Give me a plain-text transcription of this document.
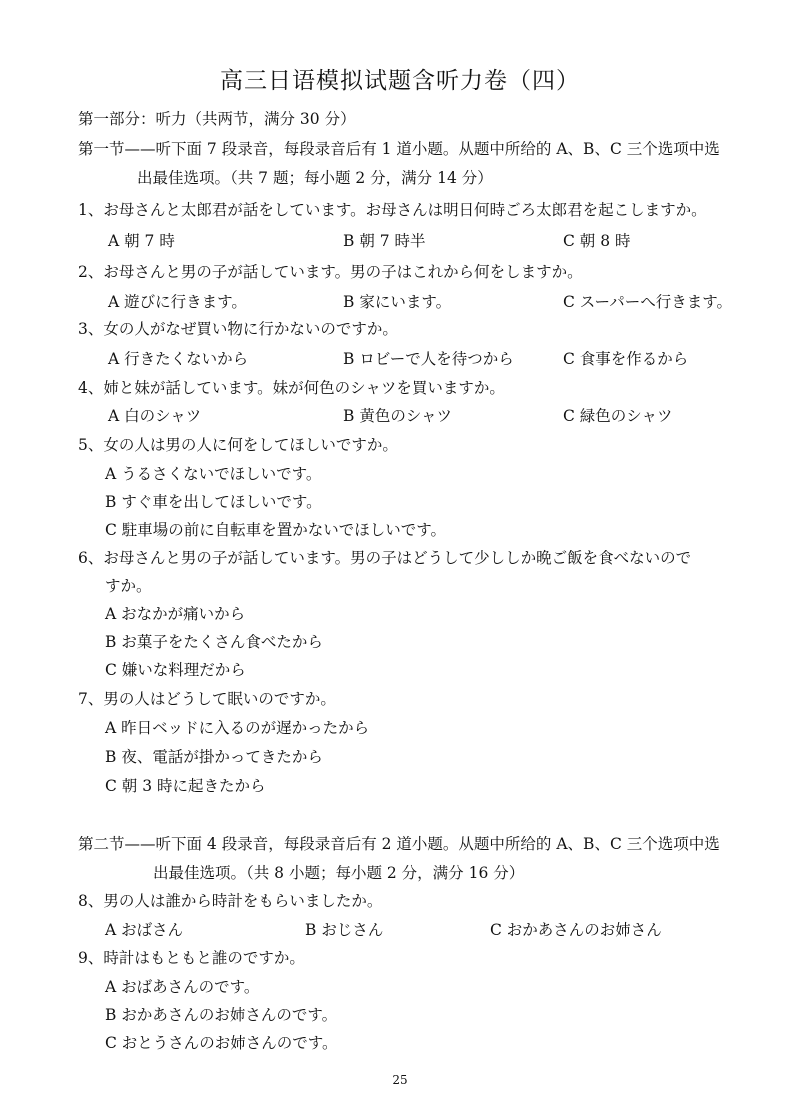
高三日语模拟试题含听力卷（四）
第一部分：听力（共两节，满分 30 分）
第一节——听下面 7 段录音，每段录音后有 1 道小题。从题中所给的 A、B、C 三个选项中选
出最佳选项。（共 7 题；每小题 2 分，满分 14 分）
1、お母さんと太郎君が話をしています。お母さんは明日何時ごろ太郎君を起こしますか。
A 朝 7 時	B 朝 7 時半	C 朝 8 時
2、お母さんと男の子が話しています。男の子はこれから何をしますか。
A 遊びに行きます。	B 家にいます。	C スーパーへ行きます。
3、女の人がなぜ買い物に行かないのですか。
A 行きたくないから	B ロビーで人を待つから	C 食事を作るから
4、姉と妹が話しています。妹が何色のシャツを買いますか。
A 白のシャツ	B 黄色のシャツ	C 緑色のシャツ
5、女の人は男の人に何をしてほしいですか。
A うるさくないでほしいです。
B すぐ車を出してほしいです。
C 駐車場の前に自転車を置かないでほしいです。
6、お母さんと男の子が話しています。男の子はどうして少ししか晩ご飯を食べないので
すか。
A おなかが痛いから
B お菓子をたくさん食べたから
C 嫌いな料理だから
7、男の人はどうして眠いのですか。
A 昨日ベッドに入るのが遅かったから
B 夜、電話が掛かってきたから
C 朝 3 時に起きたから
第二节——听下面 4 段录音，每段录音后有 2 道小题。从题中所给的 A、B、C 三个选项中选
出最佳选项。（共 8 小题；每小题 2 分，满分 16 分）
8、男の人は誰から時計をもらいましたか。
A おばさん	B おじさん	C おかあさんのお姉さん
9、時計はもともと誰のですか。
A おばあさんのです。
B おかあさんのお姉さんのです。
C おとうさんのお姉さんのです。
25
